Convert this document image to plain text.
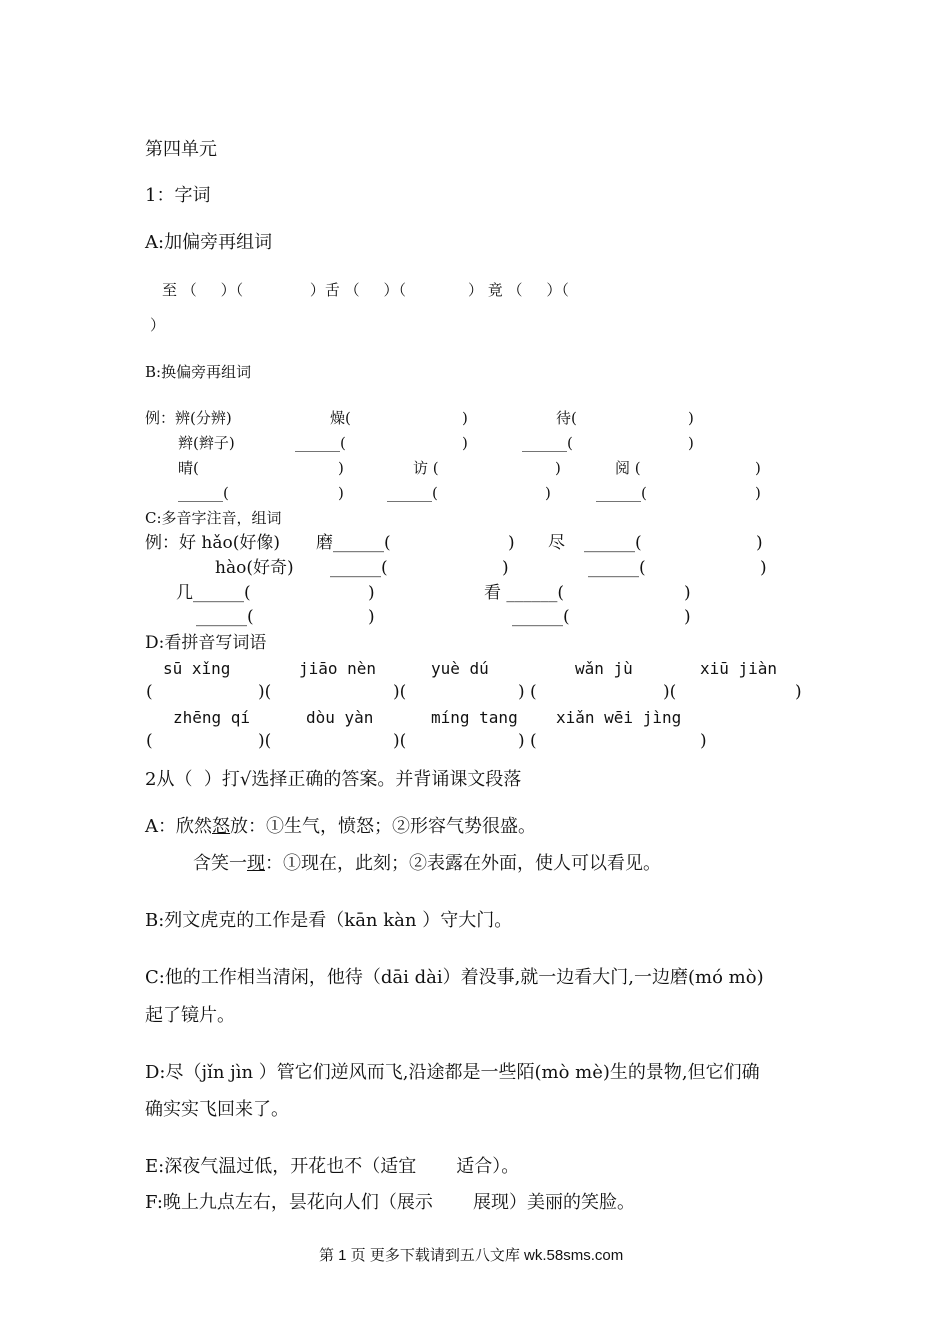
第四单元
1：字词
A:加偏旁再组词
至 （     ）（              ）舌 （     ）（             ） 竟 （     ）（
）
B:换偏旁再组词
例：辨(分辨)	燥(	)	待(	)
辫(辫子)	______(	)	______(	)
晴(	)	访 (	)	阅 (	)
______(	)	______(	)	______(	)
C:多音字注音，组词
例：好 hǎo(好像) 磨______(	) 尽 ______(	)
hào(好奇) ______(	)	______(	)
几______(	)	看 ______(	)
______(	)	______(	)
D:看拼音写词语
sū xǐng	jiāo nèn	yuè dú	wǎn jù	xiū jiàn
(	)(	)(	) (	)(	)
zhēng qí	dòu yàn	míng tang xiǎn wēi jìng
(	)(	)(	) (	)
2从（  ）打√选择正确的答案。并背诵课文段落
A：欣然怒放：①生气，愤怒；②形容气势很盛。
含笑一现：①现在，此刻；②表露在外面，使人可以看见。
B:列文虎克的工作是看（kān kàn ）守大门。
C:他的工作相当清闲，他待（dāi dài）着没事,就一边看大门,一边磨(mó mò)
起了镜片。
D:尽（jǐn jìn ）管它们逆风而飞,沿途都是一些陌(mò mè)生的景物,但它们确
确实实飞回来了。
E:深夜气温过低，开花也不（适宜       适合）。
F:晚上九点左右，昙花向人们（展示       展现）美丽的笑脸。
第 1 页 更多下载请到五八文库 wk.58sms.com
